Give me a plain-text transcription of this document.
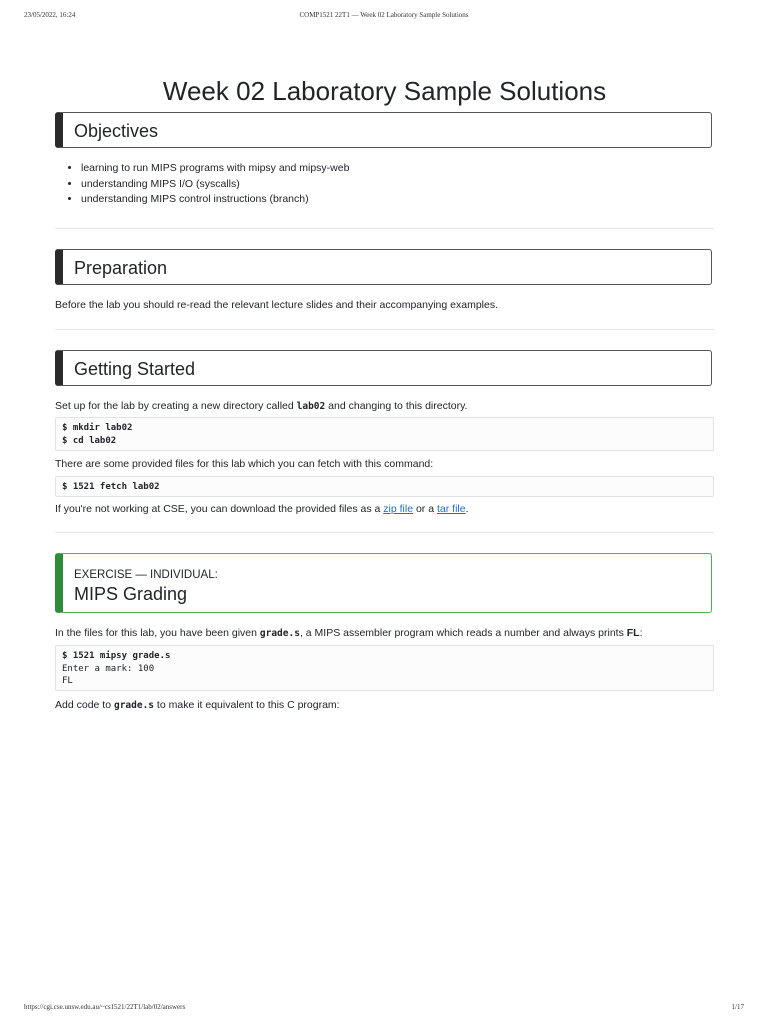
23/05/2022, 16:24	COMP1521 22T1 — Week 02 Laboratory Sample Solutions
Week 02 Laboratory Sample Solutions
Objectives
• learning to run MIPS programs with mipsy and mipsy-web
• understanding MIPS I/O (syscalls)
• understanding MIPS control instructions (branch)
Preparation

Before the lab you should re-read the relevant lecture slides and their accompanying examples.

Getting Started

Set up for the lab by creating a new directory called lab02 and changing to this directory.

$ mkdir lab02
$ cd lab02

There are some provided files for this lab which you can fetch with this command:

$ 1521 fetch lab02

If you're not working at CSE, you can download the provided files as a zip file or a tar file.

EXERCISE — INDIVIDUAL:
MIPS Grading

In the files for this lab, you have been given grade.s, a MIPS assembler program which reads a number and always prints FL:

$ 1521 mipsy grade.s
Enter a mark: 100
FL

Add code to grade.s to make it equivalent to this C program:

https://cgi.cse.unsw.edu.au/~cs1521/22T1/lab/02/answers	1/17
